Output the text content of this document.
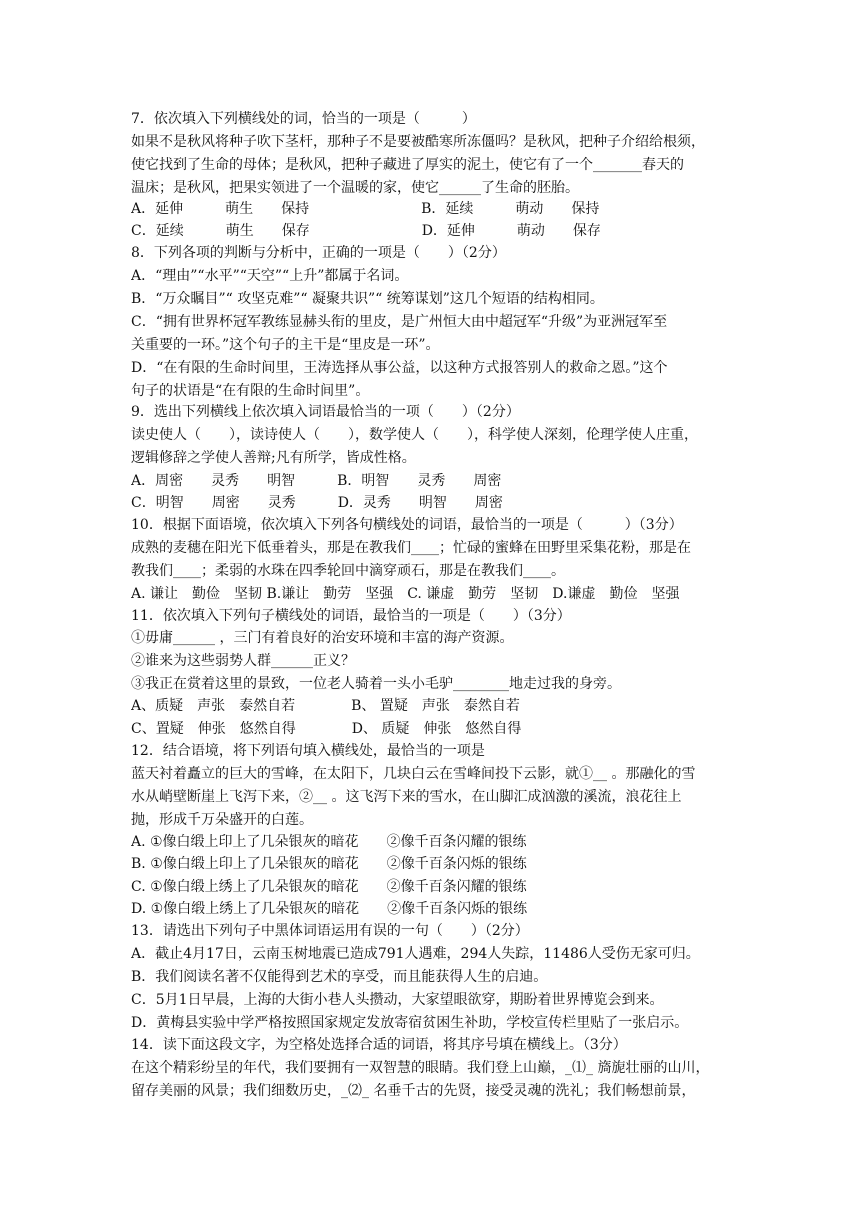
7．依次填入下列横线处的词，恰当的一项是（　　　）
如果不是秋风将种子吹下茎杆，那种子不是要被酷寒所冻僵吗？是秋风，把种子介绍给根须，
使它找到了生命的母体；是秋风，把种子藏进了厚实的泥土，使它有了一个_______春天的
温床；是秋风，把果实领进了一个温暖的家，使它______了生命的胚胎。
A．延伸　　　萌生　　保持　　　　　　　　B．延续　　　萌动　　保持
C．延续　　　萌生　　保存　　　　　　　　D．延伸　　　萌动　　保存
8．下列各项的判断与分析中，正确的一项是（　　）（2分）
A．“理由”“水平”“天空”“上升”都属于名词。
B．“万众瞩目”“ 攻坚克难”“ 凝聚共识”“ 统筹谋划”这几个短语的结构相同。
C．“拥有世界杯冠军教练显赫头衔的里皮，是广州恒大由中超冠军“升级”为亚洲冠军至
关重要的一环。”这个句子的主干是“里皮是一环”。
D．“在有限的生命时间里，王涛选择从事公益，以这种方式报答别人的救命之恩。”这个
句子的状语是“在有限的生命时间里”。
9．选出下列横线上依次填入词语最恰当的一项（　　）（2分）
读史使人（　　），读诗使人（　　），数学使人（　　），科学使人深刻，伦理学使人庄重，
逻辑修辞之学使人善辩;凡有所学，皆成性格。
A．周密　　灵秀　　明智　　　B．明智　　灵秀　　周密
C．明智　　周密　　灵秀　　　D．灵秀　　明智　　周密
10．根据下面语境，依次填入下列各句横线处的词语，最恰当的一项是（　　　）（3分）
成熟的麦穗在阳光下低垂着头，那是在教我们____；忙碌的蜜蜂在田野里采集花粉，那是在
教我们____；柔弱的水珠在四季轮回中滴穿顽石，那是在教我们____。
A. 谦让　勤俭　坚韧 B.谦让　勤劳　坚强　C. 谦虚　勤劳　坚韧　D.谦虚　勤俭　坚强
11．依次填入下列句子横线处的词语，最恰当的一项是（　　）（3分）
①毋庸______ ，三门有着良好的治安环境和丰富的海产资源。
②谁来为这些弱势人群______正义？
③我正在赏着这里的景致，一位老人骑着一头小毛驴________地走过我的身旁。
A、质疑　声张　泰然自若　　　　B、 置疑　声张　泰然自若
C、置疑　伸张　悠然自得　　　　D、 质疑　伸张　悠然自得
12．结合语境，将下列语句填入横线处，最恰当的一项是
蓝天衬着矗立的巨大的雪峰，在太阳下，几块白云在雪峰间投下云影，就①__ 。那融化的雪
水从峭壁断崖上飞泻下来，②__ 。这飞泻下来的雪水，在山脚汇成汹激的溪流，浪花往上
抛，形成千万朵盛开的白莲。
A. ①像白缎上印上了几朵银灰的暗花　　②像千百条闪耀的银练
B. ①像白缎上印上了几朵银灰的暗花　　②像千百条闪烁的银练
C. ①像白缎上绣上了几朵银灰的暗花　　②像千百条闪耀的银练
D. ①像白缎上绣上了几朵银灰的暗花　　②像千百条闪烁的银练
13．请选出下列句子中黑体词语运用有误的一句（　　）（2分）
A．截止4月17日，云南玉树地震已造成791人遇难，294人失踪，11486人受伤无家可归。
B．我们阅读名著不仅能得到艺术的享受，而且能获得人生的启迪。
C．5月1日早晨，上海的大街小巷人头攒动，大家望眼欲穿，期盼着世界博览会到来。
D．黄梅县实验中学严格按照国家规定发放寄宿贫困生补助，学校宣传栏里贴了一张启示。
14．读下面这段文字，为空格处选择合适的词语，将其序号填在横线上。（3分）
在这个精彩纷呈的年代，我们要拥有一双智慧的眼睛。我们登上山巅，_⑴_ 旖旎壮丽的山川，
留存美丽的风景；我们细数历史，_⑵_ 名垂千古的先贤，接受灵魂的洗礼；我们畅想前景，
